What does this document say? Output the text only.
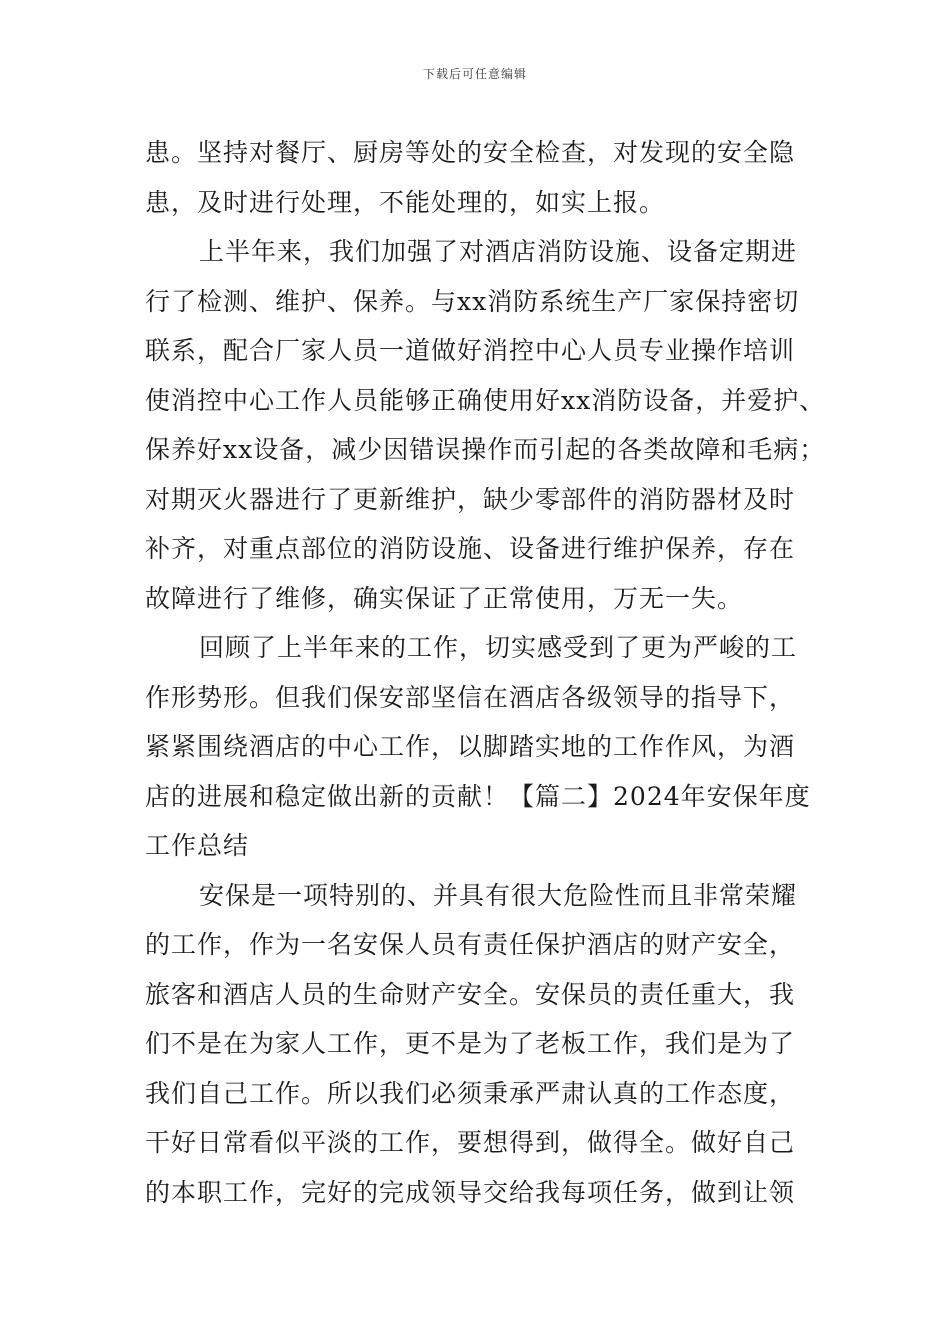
下载后可任意编辑
患。坚持对餐厅、厨房等处的安全检查，对发现的安全隐
患，及时进行处理，不能处理的，如实上报。
上半年来，我们加强了对酒店消防设施、设备定期进
行了检测、维护、保养。与xx消防系统生产厂家保持密切
联系，配合厂家人员一道做好消控中心人员专业操作培训
使消控中心工作人员能够正确使用好xx消防设备，并爱护、
保养好xx设备，减少因错误操作而引起的各类故障和毛病；
对期灭火器进行了更新维护，缺少零部件的消防器材及时
补齐，对重点部位的消防设施、设备进行维护保养，存在
故障进行了维修，确实保证了正常使用，万无一失。
回顾了上半年来的工作，切实感受到了更为严峻的工
作形势形。但我们保安部坚信在酒店各级领导的指导下，
紧紧围绕酒店的中心工作，以脚踏实地的工作作风，为酒
店的进展和稳定做出新的贡献！【篇二】2024年安保年度
工作总结
安保是一项特别的、并具有很大危险性而且非常荣耀
的工作，作为一名安保人员有责任保护酒店的财产安全，
旅客和酒店人员的生命财产安全。安保员的责任重大，我
们不是在为家人工作，更不是为了老板工作，我们是为了
我们自己工作。所以我们必须秉承严肃认真的工作态度，
干好日常看似平淡的工作，要想得到，做得全。做好自己
的本职工作，完好的完成领导交给我每项任务，做到让领
